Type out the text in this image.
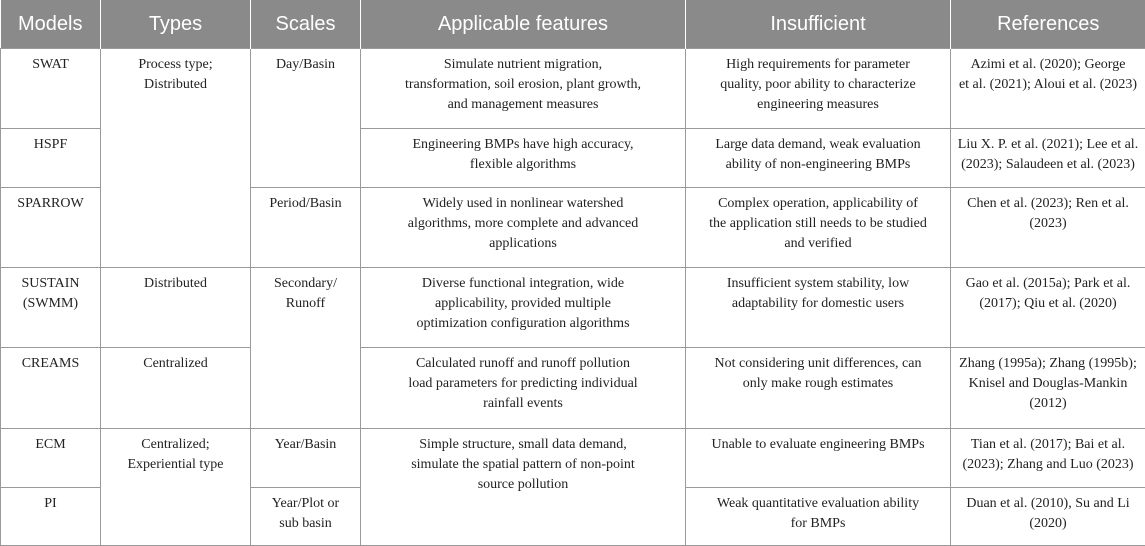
Models	Types	Scales	Applicable features	Insufficient	References
SWAT	Process type;
Distributed	Day/Basin	Simulate nutrient migration,
transformation, soil erosion, plant growth,
and management measures	High requirements for parameter
quality, poor ability to characterize
engineering measures	Azimi et al. (2020); George
et al. (2021); Aloui et al. (2023)
HSPF			Engineering BMPs have high accuracy,
flexible algorithms	Large data demand, weak evaluation
ability of non-engineering BMPs	Liu X. P. et al. (2021); Lee et al.
(2023); Salaudeen et al. (2023)
SPARROW		Period/Basin	Widely used in nonlinear watershed
algorithms, more complete and advanced
applications	Complex operation, applicability of
the application still needs to be studied
and verified	Chen et al. (2023); Ren et al.
(2023)
SUSTAIN
(SWMM)	Distributed	Secondary/
Runoff	Diverse functional integration, wide
applicability, provided multiple
optimization configuration algorithms	Insufficient system stability, low
adaptability for domestic users	Gao et al. (2015a); Park et al.
(2017); Qiu et al. (2020)
CREAMS	Centralized		Calculated runoff and runoff pollution
load parameters for predicting individual
rainfall events	Not considering unit differences, can
only make rough estimates	Zhang (1995a); Zhang (1995b);
Knisel and Douglas-Mankin
(2012)
ECM	Centralized;
Experiential type	Year/Basin	Simple structure, small data demand,
simulate the spatial pattern of non-point
source pollution	Unable to evaluate engineering BMPs	Tian et al. (2017); Bai et al.
(2023); Zhang and Luo (2023)
PI		Year/Plot or
sub basin		Weak quantitative evaluation ability
for BMPs	Duan et al. (2010), Su and Li
(2020)
